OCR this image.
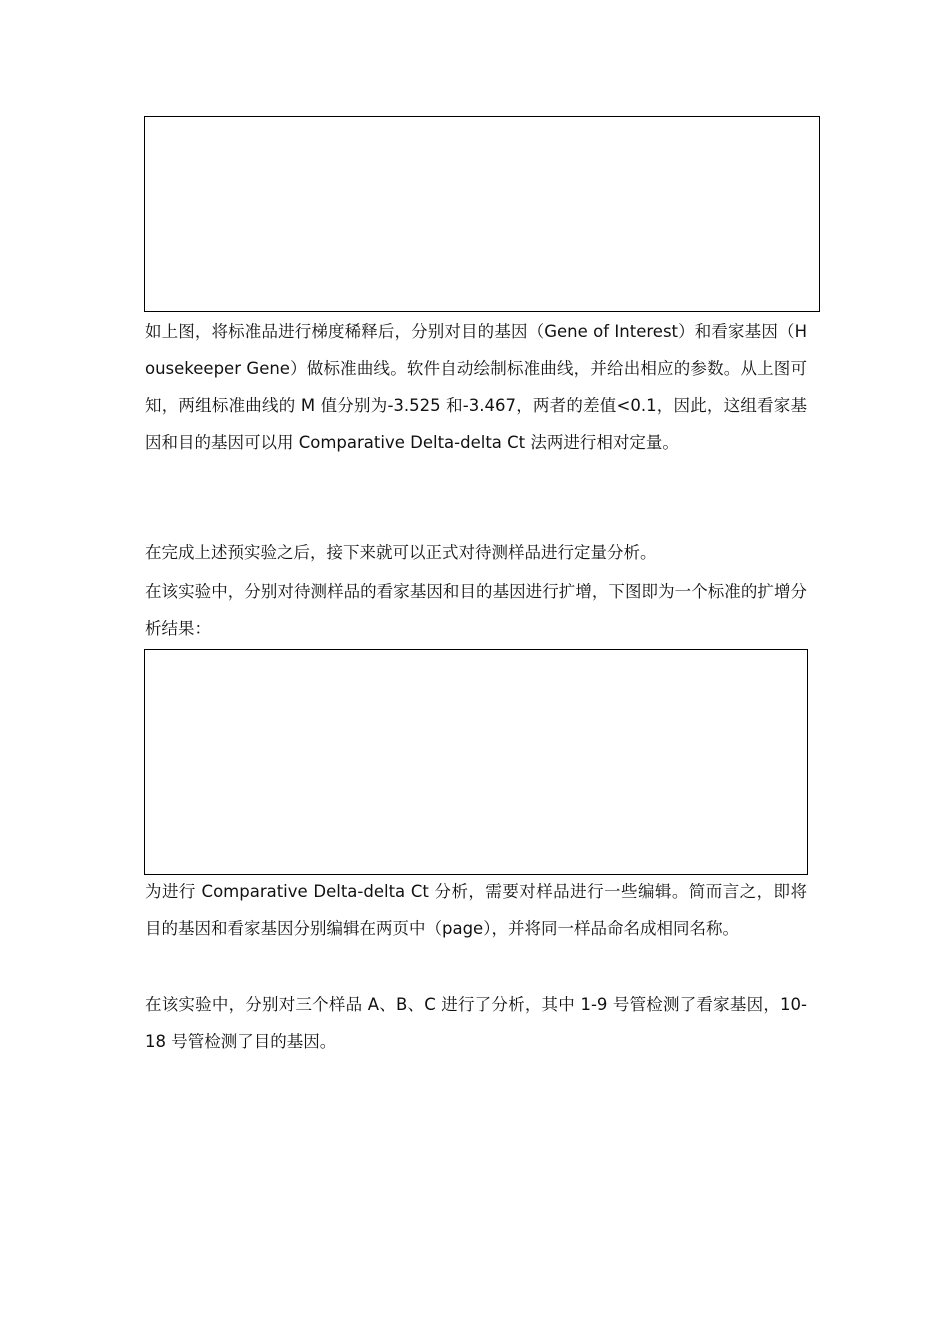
如上图，将标准品进行梯度稀释后，分别对目的基因（Gene of Interest）和看家基因（Housekeeper Gene）做标准曲线。软件自动绘制标准曲线，并给出相应的参数。从上图可知，两组标准曲线的 M 值分别为-3.525 和-3.467，两者的差值<0.1，因此，这组看家基因和目的基因可以用 Comparative Delta-delta Ct 法两进行相对定量。

在完成上述预实验之后，接下来就可以正式对待测样品进行定量分析。

在该实验中，分别对待测样品的看家基因和目的基因进行扩增，下图即为一个标准的扩增分析结果：

为进行 Comparative Delta-delta Ct 分析，需要对样品进行一些编辑。简而言之，即将目的基因和看家基因分别编辑在两页中（page），并将同一样品命名成相同名称。

在该实验中，分别对三个样品 A、B、C 进行了分析，其中 1-9 号管检测了看家基因，10-18 号管检测了目的基因。
